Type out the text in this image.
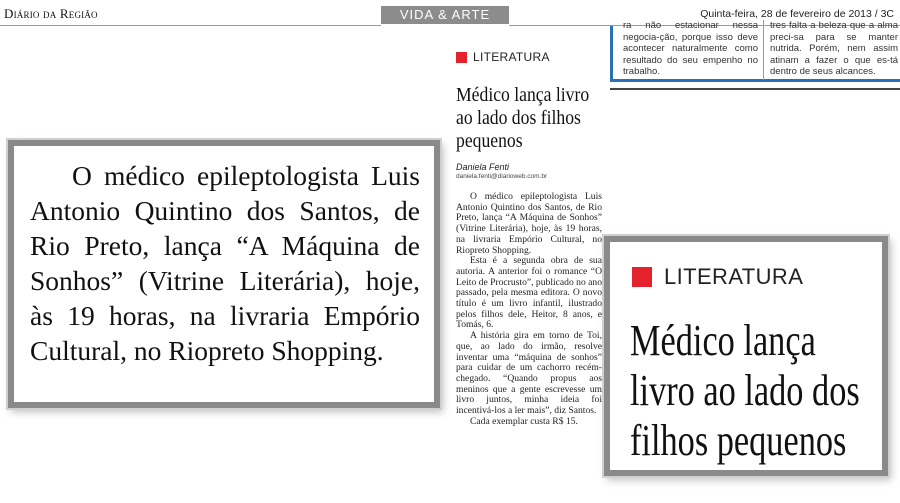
Diário da Região	VIDA & ARTE	Quinta-feira, 28 de fevereiro de 2013 / 3C
ra não estacionar nessa negocia-ção, porque isso deve acontecer naturalmente como resultado do seu empenho no trabalho.
tres falta a beleza que a alma preci-sa para se manter nutrida. Porém, nem assim atinam a fazer o que es-tá dentro de seus alcances.
LITERATURA
Médico lança livro ao lado dos filhos pequenos
Daniela Fenti
daniela.fenti@diarioweb.com.br

O médico epileptologista Luis Antonio Quintino dos Santos, de Rio Preto, lança “A Máquina de Sonhos” (Vitrine Literária), hoje, às 19 horas, na livraria Empório Cultural, no Riopreto Shopping.

Esta é a segunda obra de sua autoria. A anterior foi o romance “O Leito de Procrusto”, publicado no ano passado, pela mesma editora. O novo título é um livro infantil, ilustrado pelos filhos dele, Heitor, 8 anos, e Tomás, 6.

A história gira em torno de Toi, que, ao lado do irmão, resolve inventar uma “máquina de sonhos” para cuidar de um cachorro recém-chegado. “Quando propus aos meninos que a gente escrevesse um livro juntos, minha ideia foi incentivá-los a ler mais”, diz Santos.

Cada exemplar custa R$ 15.

O médico epileptologista Luis Antonio Quintino dos Santos, de Rio Preto, lança “A Máquina de Sonhos” (Vitrine Literária), hoje, às 19 horas, na livraria Empório Cultural, no Riopreto Shopping.
LITERATURA
Médico lança livro ao lado dos filhos pequenos
